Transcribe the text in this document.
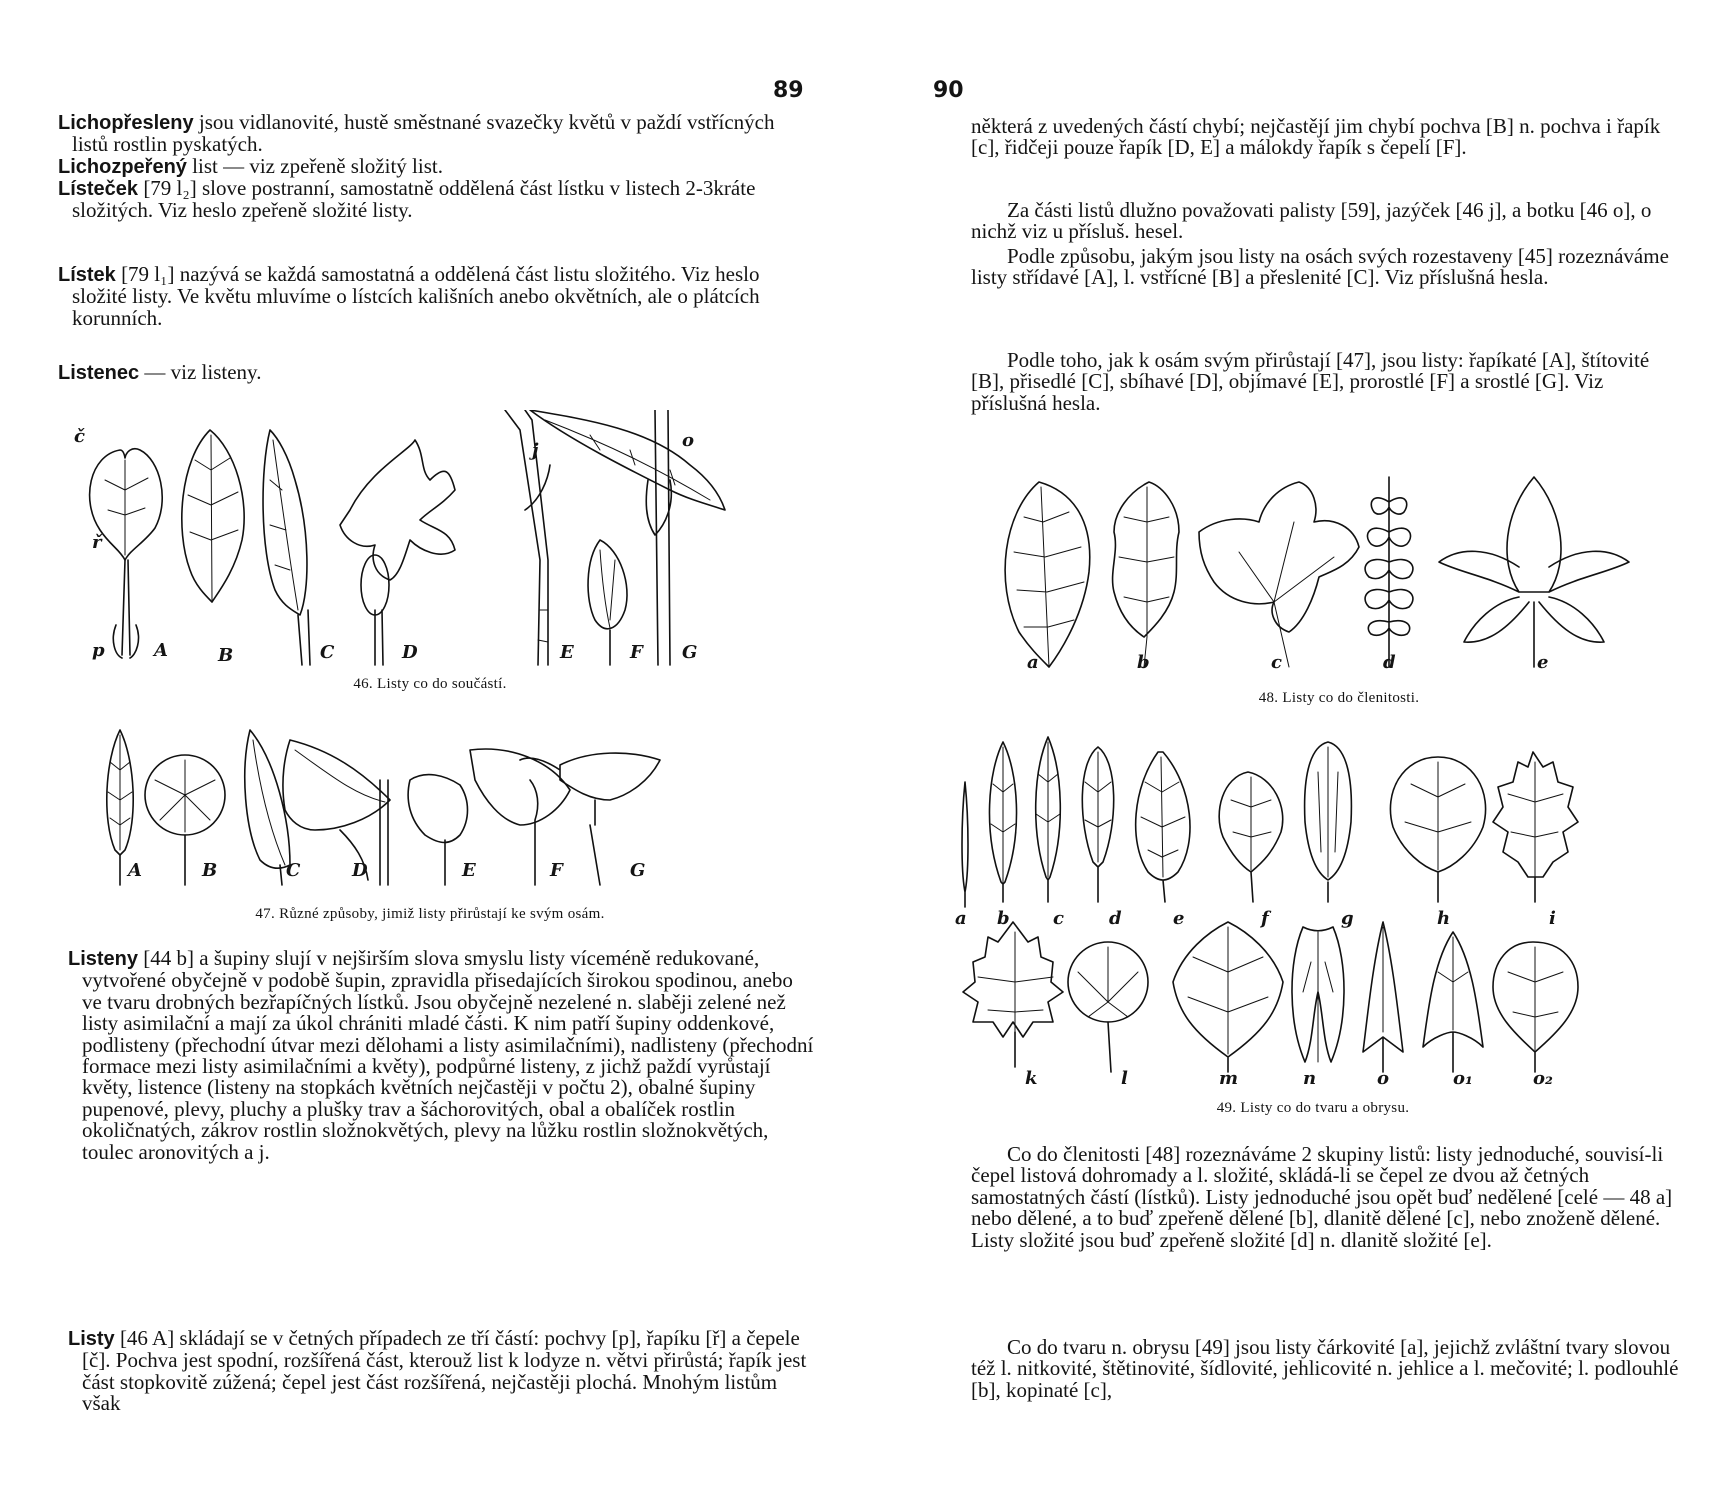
89
Lichopřesleny jsou vidlanovité, hustě směstnané svazečky květů v paždí vstřícných listů rostlin pyskatých.
Lichozpeřený list — viz zpeřeně složitý list.
Lísteček [79 l₂] slove postranní, samostatně oddělená část lístku v listech 2-3kráte složitých. Viz heslo zpeřeně složité listy.
Lístek [79 l₁] nazývá se každá samostatná a oddělená část listu složitého. Viz heslo složité listy. Ve květu mluvíme o lístcích kališních anebo okvětních, ale o plátcích korunních.
Listenec — viz listeny.
č
ř
p
j	o
A	B	C	D	E	F G
46. Listy co do součástí.
A	B	C	D	E	F	G
47. Různé způsoby, jimiž listy přirůstají ke svým osám.
Listeny [44 b] a šupiny slují v nejširším slova smyslu listy víceméně redukované, vytvořené obyčejně v podobě šupin, zpravidla přisedajících širokou spodinou, anebo ve tvaru drobných bezřapíčných lístků. Jsou obyčejně nezelené n. slaběji zelené než listy asimilační a mají za úkol chrániti mladé části. K nim patří šupiny oddenkové, podlisteny (přechodní útvar mezi dělohami a listy asimilačními), nadlisteny (přechodní formace mezi listy asimilačními a květy), podpůrné listeny, z jichž paždí vyrůstají květy, listence (listeny na stopkách květních nejčastěji v počtu 2), obalné šupiny pupenové, plevy, pluchy a plušky trav a šáchorovitých, obal a obalíček rostlin okoličnatých, zákrov rostlin složnokvětých, plevy na lůžku rostlin složnokvětých, toulec aronovitých a j.
Listy [46 A] skládají se v četných případech ze tří částí: pochvy [p], řapíku [ř] a čepele [č]. Pochva jest spodní, rozšířená část, kterouž list k lodyze n. větvi přirůstá; řapík jest část stopkovitě zúžená; čepel jest část rozšířená, nejčastěji plochá. Mnohým listům však
90
některá z uvedených částí chybí; nejčastějí jim chybí pochva [B] n. pochva i řapík [c], řidčeji pouze řapík [D, E] a málokdy řapík s čepelí [F].
Za části listů dlužno považovati palisty [59], jazýček [46 j], a botku [46 o], o nichž viz u přísluš. hesel.
Podle způsobu, jakým jsou listy na osách svých rozestaveny [45] rozeznáváme listy střídavé [A], l. vstřícné [B] a přeslenité [C]. Viz příslušná hesla.
Podle toho, jak k osám svým přirůstají [47], jsou listy: řapíkaté [A], štítovité [B], přisedlé [C], sbíhavé [D], objímavé [E], prorostlé [F] a srostlé [G]. Viz příslušná hesla.
a	b	c	d	e
48. Listy co do členitosti.
a b c	d	e	f	g	h	i
k	l	m	n	o	o₁	o₂
49. Listy co do tvaru a obrysu.
Co do členitosti [48] rozeznáváme 2 skupiny listů: listy jednoduché, souvisí-li čepel listová dohromady a l. složité, skládá-li se čepel ze dvou až četných samostatných částí (lístků). Listy jednoduché jsou opět buď nedělené [celé — 48 a] nebo dělené, a to buď zpeřeně dělené [b], dlanitě dělené [c], nebo znoženě dělené. Listy složité jsou buď zpeřeně složité [d] n. dlanitě složité [e].
Co do tvaru n. obrysu [49] jsou listy čárkovité [a], jejichž zvláštní tvary slovou též l. nitkovité, štětinovité, šídlovité, jehlicovité n. jehlice a l. mečovité; l. podlouhlé [b], kopinaté [c],
